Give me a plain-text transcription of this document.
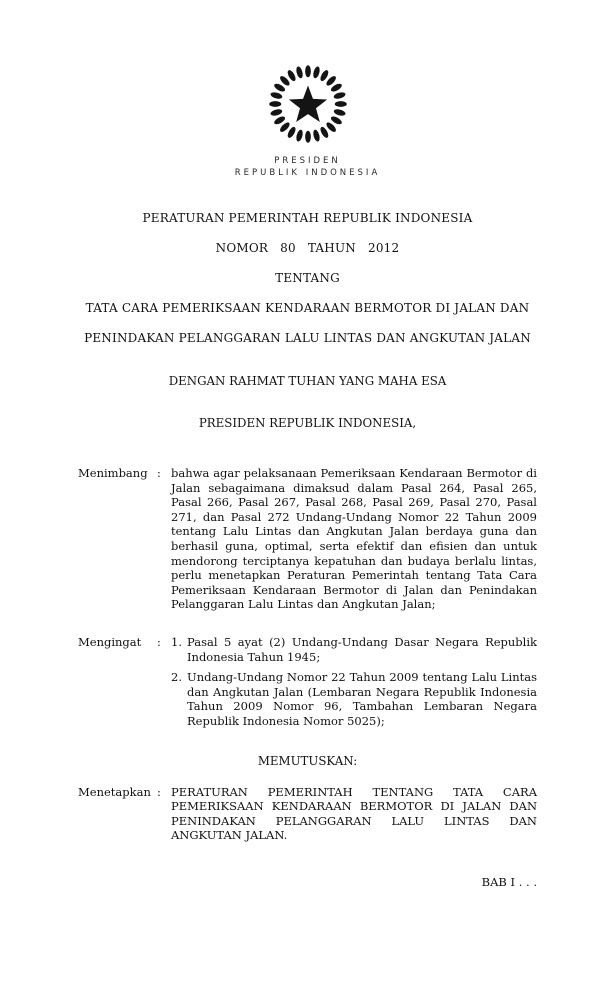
PRESIDEN
REPUBLIK INDONESIA
PERATURAN PEMERINTAH REPUBLIK INDONESIA
NOMOR   80   TAHUN   2012
TENTANG
TATA CARA PEMERIKSAAN KENDARAAN BERMOTOR DI JALAN DAN
PENINDAKAN PELANGGARAN LALU LINTAS DAN ANGKUTAN JALAN
DENGAN RAHMAT TUHAN YANG MAHA ESA
PRESIDEN REPUBLIK INDONESIA,
Menimbang : bahwa agar pelaksanaan Pemeriksaan Kendaraan Bermotor di Jalan sebagaimana dimaksud dalam Pasal 264, Pasal 265, Pasal 266, Pasal 267, Pasal 268, Pasal 269, Pasal 270, Pasal 271, dan Pasal 272 Undang-Undang Nomor 22 Tahun 2009 tentang Lalu Lintas dan Angkutan Jalan berdaya guna dan berhasil guna, optimal, serta efektif dan efisien dan untuk mendorong terciptanya kepatuhan dan budaya berlalu lintas, perlu menetapkan Peraturan Pemerintah tentang Tata Cara Pemeriksaan Kendaraan Bermotor di Jalan dan Penindakan Pelanggaran Lalu Lintas dan Angkutan Jalan;
Mengingat	: 1. Pasal 5 ayat (2) Undang-Undang Dasar Negara Republik Indonesia Tahun 1945;
2. Undang-Undang Nomor 22 Tahun 2009 tentang Lalu Lintas dan Angkutan Jalan (Lembaran Negara Republik Indonesia Tahun 2009 Nomor 96, Tambahan Lembaran Negara Republik Indonesia Nomor 5025);
MEMUTUSKAN:
Menetapkan : PERATURAN PEMERINTAH TENTANG TATA CARA PEMERIKSAAN KENDARAAN BERMOTOR DI JALAN DAN PENINDAKAN PELANGGARAN LALU LINTAS DAN ANGKUTAN JALAN.
BAB I . . .
